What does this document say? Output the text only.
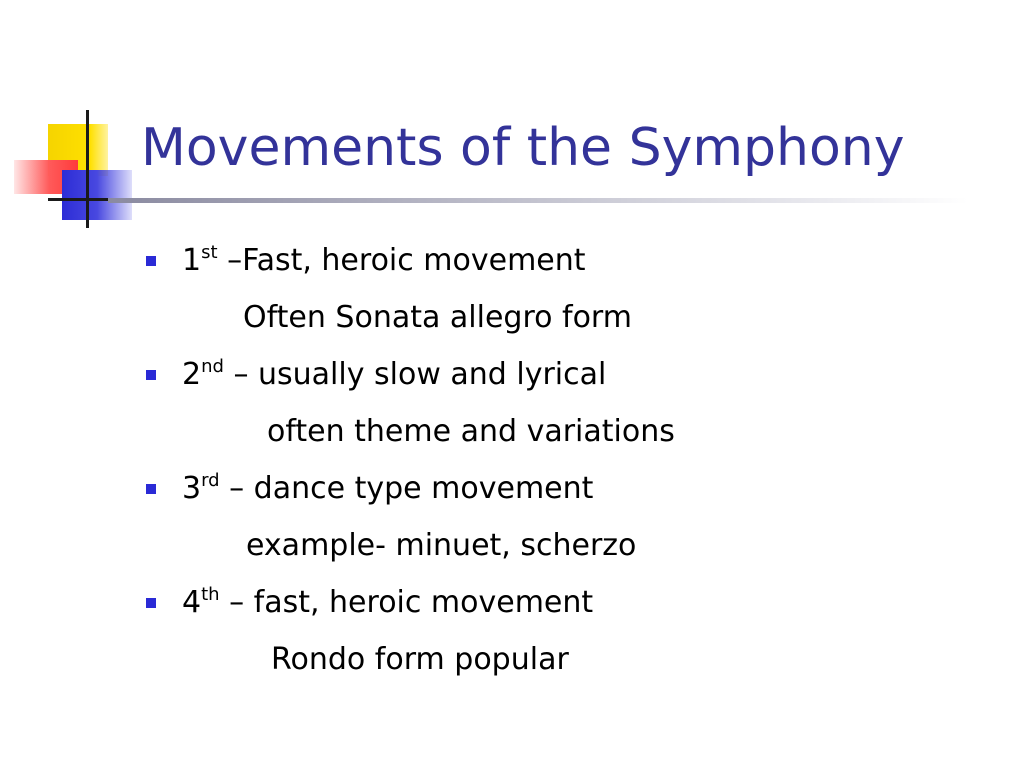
Movements of the Symphony
1st –Fast, heroic movement
Often Sonata allegro form
2nd – usually slow and lyrical
often theme and variations
3rd – dance type movement
example- minuet, scherzo
4th – fast, heroic movement
Rondo form popular
